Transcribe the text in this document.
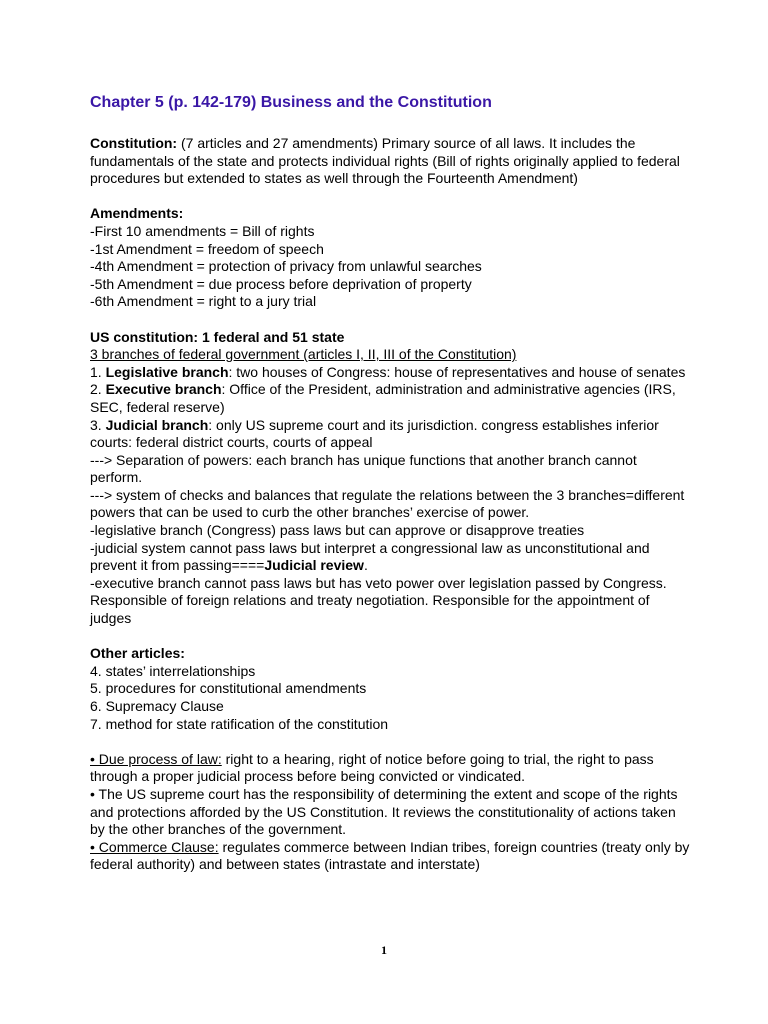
Chapter 5 (p. 142-179) Business and the Constitution
Constitution: (7 articles and 27 amendments) Primary source of all laws. It includes the fundamentals of the state and protects individual rights (Bill of rights originally applied to federal procedures but extended to states as well through the Fourteenth Amendment)
Amendments:
-First 10 amendments = Bill of rights
-1st Amendment = freedom of speech
-4th Amendment = protection of privacy from unlawful searches
-5th Amendment = due process before deprivation of property
-6th Amendment = right to a jury trial
US constitution: 1 federal and 51 state
3 branches of federal government (articles I, II, III of the Constitution)
1. Legislative branch: two houses of Congress: house of representatives and house of senates
2. Executive branch: Office of the President, administration and administrative agencies (IRS, SEC, federal reserve)
3. Judicial branch: only US supreme court and its jurisdiction. congress establishes inferior courts: federal district courts, courts of appeal
---> Separation of powers: each branch has unique functions that another branch cannot perform.
---> system of checks and balances that regulate the relations between the 3 branches=different powers that can be used to curb the other branches’ exercise of power.
-legislative branch (Congress) pass laws but can approve or disapprove treaties
-judicial system cannot pass laws but interpret a congressional law as unconstitutional and prevent it from passing====Judicial review.
-executive branch cannot pass laws but has veto power over legislation passed by Congress. Responsible of foreign relations and treaty negotiation. Responsible for the appointment of judges
Other articles:
4. states’ interrelationships
5. procedures for constitutional amendments
6. Supremacy Clause
7. method for state ratification of the constitution
• Due process of law: right to a hearing, right of notice before going to trial, the right to pass through a proper judicial process before being convicted or vindicated.
• The US supreme court has the responsibility of determining the extent and scope of the rights and protections afforded by the US Constitution. It reviews the constitutionality of actions taken by the other branches of the government.
• Commerce Clause: regulates commerce between Indian tribes, foreign countries (treaty only by federal authority) and between states (intrastate and interstate)
1
